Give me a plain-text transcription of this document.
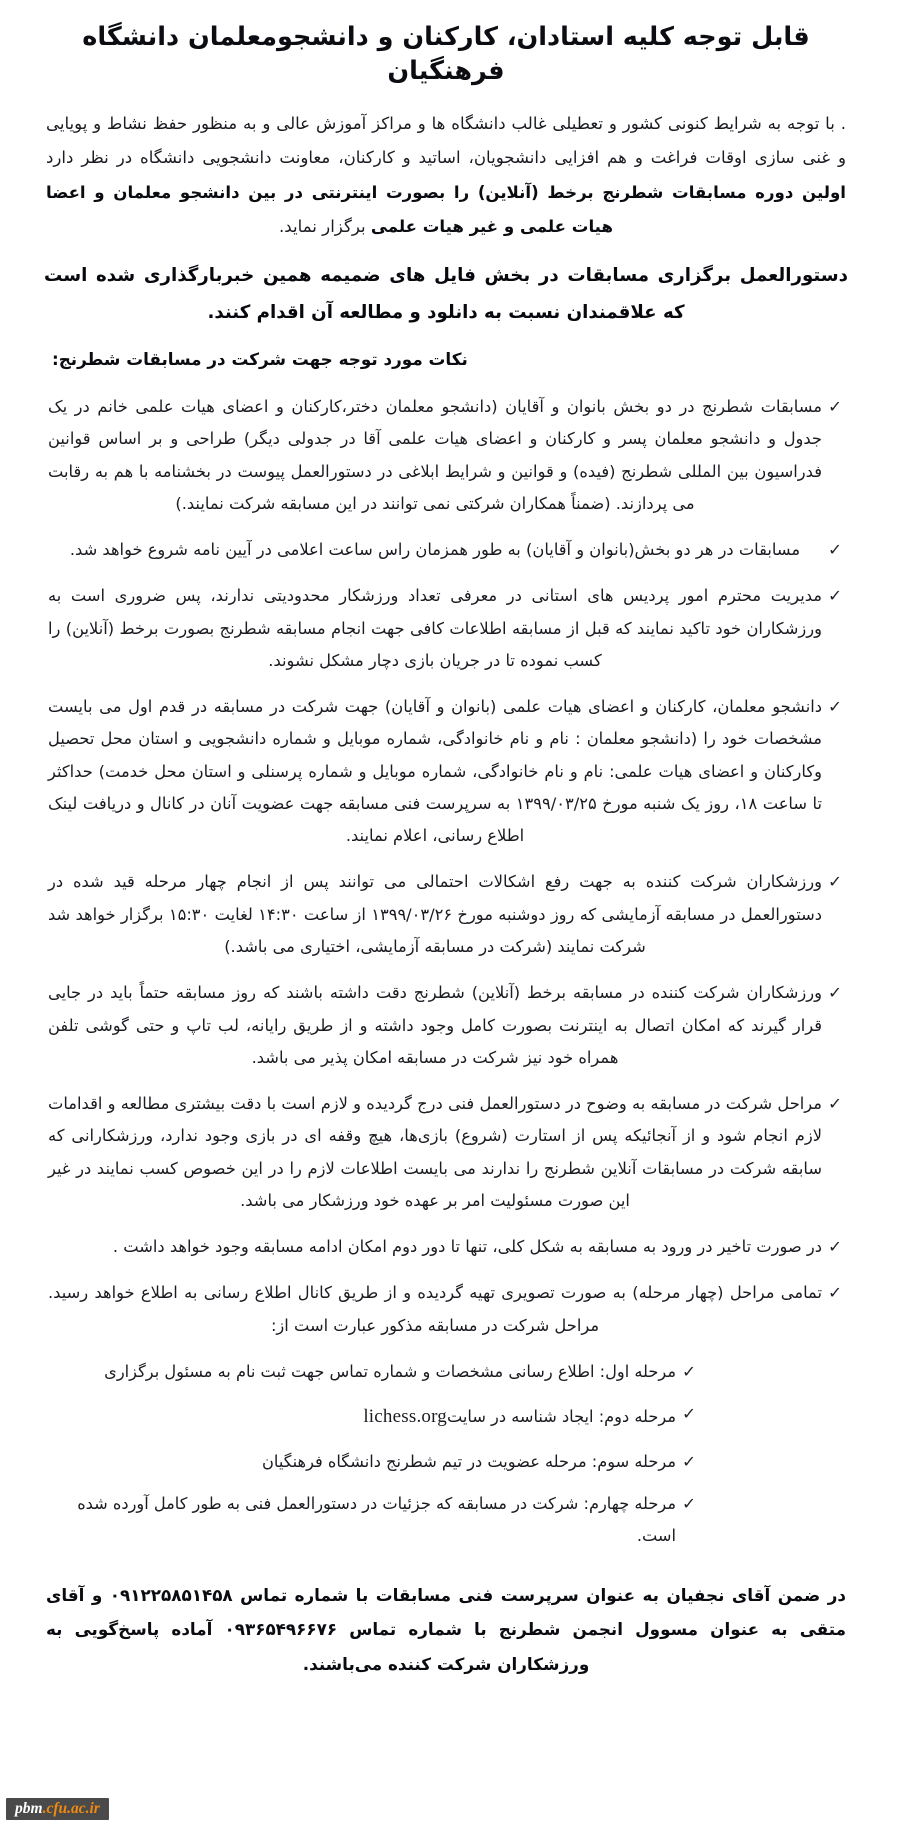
قابل توجه کلیه استادان، کارکنان و دانشجومعلمان دانشگاه فرهنگیان

. با توجه به شرایط کنونی کشور و تعطیلی غالب دانشگاه ها و مراکز آموزش عالی و به منظور حفظ نشاط و پویایی و غنی سازی اوقات فراغت و هم افزایی دانشجویان، اساتید و کارکنان، معاونت دانشجویی دانشگاه در نظر دارد اولین دوره مسابقات شطرنج برخط (آنلاین) را بصورت اینترنتی در بین دانشجو معلمان و اعضا هیات علمی و غیر هیات علمی برگزار نماید.

دستورالعمل برگزاری مسابقات در بخش فایل های ضمیمه همین خبربارگذاری شده است که علاقمندان نسبت به دانلود و مطالعه آن اقدام کنند.

نکات مورد توجه جهت شرکت در مسابقات شطرنج:
✓
مسابقات شطرنج در دو بخش بانوان و آقایان (دانشجو معلمان دختر،کارکنان و اعضای هیات علمی خانم در یک جدول و دانشجو معلمان پسر و کارکنان و اعضای هیات علمی آقا در جدولی دیگر) طراحی و بر اساس قوانین فدراسیون بین المللی شطرنج (فیده) و قوانین و شرایط ابلاغی در دستورالعمل پیوست در بخشنامه با هم به رقابت می پردازند. (ضمناً همکاران شرکتی نمی توانند در این مسابقه شرکت نمایند.)
✓
مسابقات در هر دو بخش(بانوان و آقایان) به طور همزمان راس ساعت اعلامی در آیین نامه شروع خواهد شد.
✓
مدیریت محترم امور پردیس های استانی در معرفی تعداد ورزشکار محدودیتی ندارند، پس ضروری است به ورزشکاران خود تاکید نمایند که قبل از مسابقه اطلاعات کافی جهت انجام مسابقه شطرنج بصورت برخط (آنلاین) را کسب نموده تا در جریان بازی دچار مشکل نشوند.
✓
دانشجو معلمان، کارکنان و اعضای هیات علمی (بانوان و آقایان) جهت شرکت در مسابقه در قدم اول می بایست مشخصات خود را (دانشجو معلمان : نام و نام خانوادگی، شماره موبایل و شماره دانشجویی و استان محل تحصیل وکارکنان و اعضای هیات علمی: نام و نام خانوادگی، شماره موبایل و شماره پرسنلی و استان محل خدمت) حداکثر تا ساعت ۱۸، روز یک شنبه مورخ ۱۳۹۹/۰۳/۲۵ به سرپرست فنی مسابقه جهت عضویت آنان در کانال و دریافت لینک اطلاع رسانی، اعلام نمایند.
✓
ورزشکاران شرکت کننده به جهت رفع اشکالات احتمالی می توانند پس از انجام چهار مرحله قید شده در دستورالعمل در مسابقه آزمایشی که روز دوشنبه مورخ ۱۳۹۹/۰۳/۲۶ از ساعت ۱۴:۳۰ لغایت ۱۵:۳۰ برگزار خواهد شد شرکت نمایند (شرکت در مسابقه آزمایشی، اختیاری می باشد.)
✓
ورزشکاران شرکت کننده در مسابقه برخط (آنلاین) شطرنج دقت داشته باشند که روز مسابقه حتماً باید در جایی قرار گیرند که امکان اتصال به اینترنت بصورت کامل وجود داشته و از طریق رایانه، لب تاپ و حتی گوشی تلفن همراه خود نیز شرکت در مسابقه امکان پذیر می باشد.
✓
مراحل شرکت در مسابقه به وضوح در دستورالعمل فنی درج گردیده و لازم است با دقت بیشتری مطالعه و اقدامات لازم انجام شود و از آنجائیکه پس از استارت (شروع) بازی‌ها، هیچ وقفه ای در بازی وجود ندارد، ورزشکارانی که سابقه شرکت در مسابقات آنلاین شطرنج را ندارند می بایست اطلاعات لازم را در این خصوص کسب نمایند در غیر این صورت مسئولیت امر بر عهده خود ورزشکار می باشد.
✓
در صورت تاخیر در ورود به مسابقه به شکل کلی، تنها تا دور دوم امکان ادامه مسابقه وجود خواهد داشت .
✓
تمامی مراحل (چهار مرحله) به صورت تصویری تهیه گردیده و از طریق کانال اطلاع رسانی به اطلاع خواهد رسید. مراحل شرکت در مسابقه مذکور عبارت است از:
✓
مرحله اول: اطلاع رسانی مشخصات و شماره تماس جهت ثبت نام به مسئول برگزاری
✓
مرحله دوم: ایجاد شناسه در سایتlichess.org
✓
مرحله سوم: مرحله عضویت در تیم شطرنج دانشگاه فرهنگیان
✓
مرحله چهارم: شرکت در مسابقه که جزئیات در دستورالعمل فنی به طور کامل آورده شده است.

در ضمن آقای نجفیان به عنوان سرپرست فنی مسابقات با شماره تماس ۰۹۱۲۲۵۸۵۱۴۵۸ و آقای متقی به عنوان مسوول انجمن شطرنج با شماره تماس ۰۹۳۶۵۴۹۶۶۷۶ آماده پاسخ‌گویی به ورزشکاران شرکت کننده می‌باشند.

pbm.cfu.ac.ir
